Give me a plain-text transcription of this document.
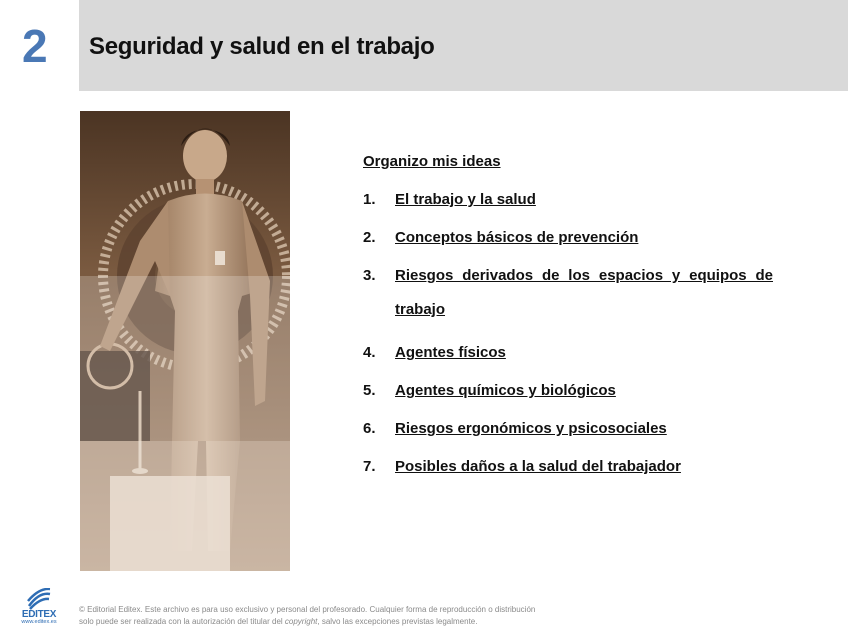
2	Seguridad y salud en el trabajo
Organizo mis ideas
1.	El trabajo y la salud
2.	Conceptos básicos de prevención
3.	Riesgos derivados de los espacios y equipos de trabajo
4.	Agentes físicos
5.	Agentes químicos y biológicos
6.	Riesgos ergonómicos y psicosociales
7.	Posibles daños a la salud del trabajador
EDITEX
www.editex.es
© Editorial Editex. Este archivo es para uso exclusivo y personal del profesorado. Cualquier forma de reproducción o distribución
solo puede ser realizada con la autorización del titular del copyright, salvo las excepciones previstas legalmente.
